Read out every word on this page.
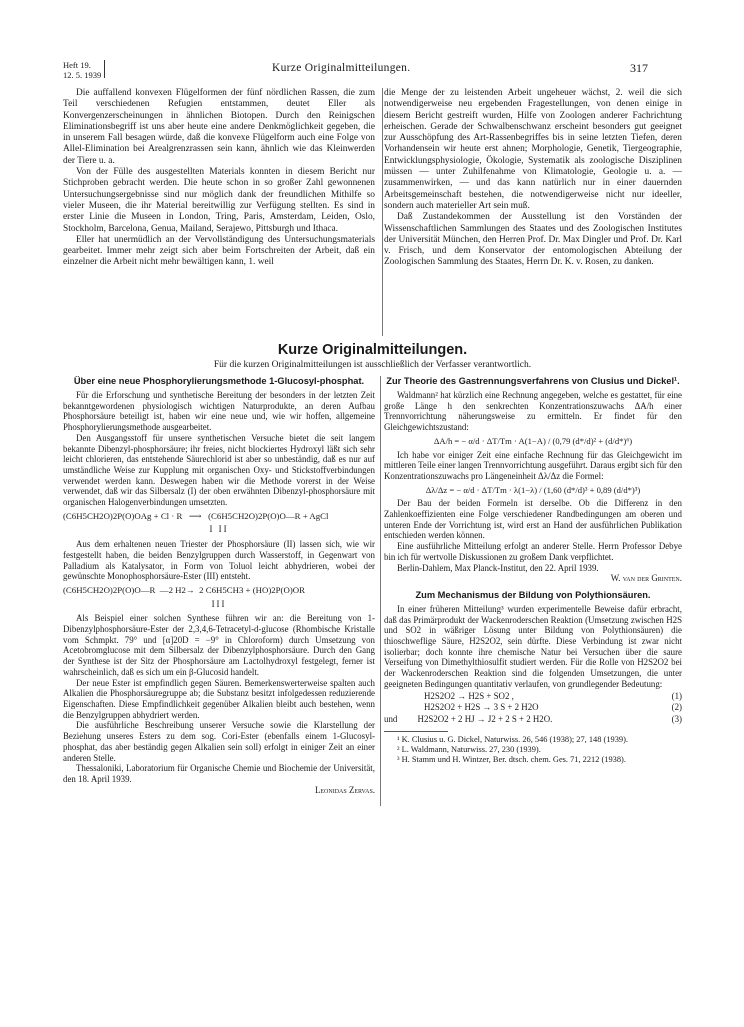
Heft 19.
12. 5. 1939
Kurze Originalmitteilungen.	317

Die auffallend konvexen Flügelformen der fünf nördlichen Rassen, die zum Teil verschiedenen Refugien entstammen, deutet Eller als Konvergenzerscheinungen in ähnlichen Biotopen. Durch den Reinigschen Eliminationsbegriff ist uns aber heute eine andere Denkmöglichkeit gegeben, die in unserem Fall besagen würde, daß die konvexe Flügelform auch eine Folge von Allel-Elimination bei Arealgrenzrassen sein kann, ähnlich wie das Kleinwerden der Tiere u. a.

Von der Fülle des ausgestellten Materials konnten in diesem Bericht nur Stichproben gebracht werden. Die heute schon in so großer Zahl gewonnenen Untersuchungsergebnisse sind nur möglich dank der freundlichen Mithilfe so vieler Museen, die ihr Material bereitwillig zur Verfügung stellten. Es sind in erster Linie die Museen in London, Tring, Paris, Amsterdam, Leiden, Oslo, Stockholm, Barcelona, Genua, Mailand, Serajewo, Pittsburgh und Ithaca.

Eller hat unermüdlich an der Vervollständigung des Untersuchungsmaterials gearbeitet. Immer mehr zeigt sich aber beim Fortschreiten der Arbeit, daß ein einzelner die Arbeit nicht mehr bewältigen kann, 1. weil

die Menge der zu leistenden Arbeit ungeheuer wächst, 2. weil die sich notwendigerweise neu ergebenden Fragestellungen, von denen einige in diesem Bericht gestreift wurden, Hilfe von Zoologen anderer Fachrichtung erheischen. Gerade der Schwalbenschwanz erscheint besonders gut geeignet zur Ausschöpfung des Art-Rassenbegriffes bis in seine letzten Tiefen, deren Vorhandensein wir heute erst ahnen; Morphologie, Genetik, Tiergeographie, Entwicklungsphysiologie, Ökologie, Systematik als zoologische Disziplinen müssen — unter Zuhilfenahme von Klimatologie, Geologie u. a. — zusammenwirken, — und das kann natürlich nur in einer dauernden Arbeitsgemeinschaft bestehen, die notwendigerweise nicht nur ideeller, sondern auch materieller Art sein muß.

Daß Zustandekommen der Ausstellung ist den Vorständen der Wissenschaftlichen Sammlungen des Staates und des Zoologischen Institutes der Universität München, den Herren Prof. Dr. Max Dingler und Prof. Dr. Karl v. Frisch, und dem Konservator der entomologischen Abteilung der Zoologischen Sammlung des Staates, Herrn Dr. K. v. Rosen, zu danken.

Kurze Originalmitteilungen.
Für die kurzen Originalmitteilungen ist ausschließlich der Verfasser verantwortlich.
Über eine neue Phosphorylierungsmethode 1-Glucosyl-phosphat.

Für die Erforschung und synthetische Bereitung der besonders in der letzten Zeit bekanntgewordenen physiologisch wichtigen Naturprodukte, an deren Aufbau Phosphorsäure beteiligt ist, haben wir eine neue und, wie wir hoffen, allgemeine Phosphorylierungsmethode ausgearbeitet.

Den Ausgangsstoff für unsere synthetischen Versuche bietet die seit langem bekannte Dibenzyl-phosphorsäure; ihr freies, nicht blockiertes Hydroxyl läßt sich sehr leicht chlorieren, das entstehende Säurechlorid ist aber so unbeständig, daß es nur auf umständliche Weise zur Kupplung mit organischen Oxy- und Stickstoffverbindungen verwendet werden kann. Deswegen haben wir die Methode vorerst in der Weise verwendet, daß wir das Silbersalz (I) der oben erwähnten Dibenzyl-phosphorsäure mit organischen Halogenverbindungen umsetzten.

(C6H5CH2O)2P(O)OAg + Cl · R   ⟶   (C6H5CH2O)2P(O)O—R + AgCl
I II

Aus dem erhaltenen neuen Triester der Phosphorsäure (II) lassen sich, wie wir festgestellt haben, die beiden Benzylgruppen durch Wasserstoff, in Gegenwart von Palladium als Katalysator, in Form von Toluol leicht abhydrieren, wobei der gewünschte Monophosphorsäure-Ester (III) entsteht.

(C6H5CH2O)2P(O)O—R  —2 H2→  2 C6H5CH3 + (HO)2P(O)OR
III

Als Beispiel einer solchen Synthese führen wir an: die Bereitung von 1-Dibenzylphosphorsäure-Ester der 2,3,4,6-Tetracetyl-d-glucose (Rhombische Kristalle vom Schmpkt. 79° und [α]20D = −9° in Chloroform) durch Umsetzung von Acetobromglucose mit dem Silbersalz der Dibenzylphosphorsäure. Durch den Gang der Synthese ist der Sitz der Phosphorsäure am Lactolhydroxyl festgelegt, ferner ist wahrscheinlich, daß es sich um ein β-Glucosid handelt.

Der neue Ester ist empfindlich gegen Säuren. Bemerkenswerterweise spalten auch Alkalien die Phosphorsäuregruppe ab; die Substanz besitzt infolgedessen reduzierende Eigenschaften. Diese Empfindlichkeit gegenüber Alkalien bleibt auch bestehen, wenn die Benzylgruppen abhydriert werden.

Die ausführliche Beschreibung unserer Versuche sowie die Klarstellung der Beziehung unseres Esters zu dem sog. Cori-Ester (ebenfalls einem 1-Glucosyl-phosphat, das aber beständig gegen Alkalien sein soll) erfolgt in einiger Zeit an einer anderen Stelle.

Thessaloniki, Laboratorium für Organische Chemie und Biochemie der Universität, den 18. April 1939.

Leonidas Zervas.
Zur Theorie des Gastrennungsverfahrens von Clusius und Dickel¹.

Waldmann² hat kürzlich eine Rechnung angegeben, welche es gestattet, für eine große Länge h den senkrechten Konzentrationszuwachs ΔA/h einer Trennvorrichtung näherungsweise zu ermitteln. Er findet für den Gleichgewichtszustand:

ΔA/h = − α/d · ΔT/Tm · A(1−A) / (0,79 (d*/d)² + (d/d*)⁶)

Ich habe vor einiger Zeit eine einfache Rechnung für das Gleichgewicht im mittleren Teile einer langen Trennvorrichtung ausgeführt. Daraus ergibt sich für den Konzentrationszuwachs pro Längeneinheit Δλ/Δz die Formel:

Δλ/Δz = − α/d · ΔT/Tm · λ(1−λ) / (1,60 (d*/d)³ + 0,89 (d/d*)³)

Der Bau der beiden Formeln ist derselbe. Ob die Differenz in den Zahlenkoeffizienten eine Folge verschiedener Randbedingungen am oberen und unteren Ende der Vorrichtung ist, wird erst an Hand der ausführlichen Publikation entschieden werden können.

Eine ausführliche Mitteilung erfolgt an anderer Stelle. Herrn Professor Debye bin ich für wertvolle Diskussionen zu großem Dank verpflichtet.

Berlin-Dahlem, Max Planck-Institut, den 22. April 1939.

W. van der Grinten.
Zum Mechanismus der Bildung von Polythionsäuren.

In einer früheren Mitteilung³ wurden experimentelle Beweise dafür erbracht, daß das Primärprodukt der Wackenroderschen Reaktion (Umsetzung zwischen H2S und SO2 in wäßriger Lösung unter Bildung von Polythionsäuren) die thioschweflige Säure, H2S2O2, sein dürfte. Diese Verbindung ist zwar nicht isolierbar; doch konnte ihre chemische Natur bei Versuchen über die saure Verseifung von Dimethylthiosulfit studiert werden. Für die Rolle von H2S2O2 bei der Wackenroderschen Reaktion sind die folgenden Umsetzungen, die unter geeigneten Bedingungen quantitativ verlaufen, von grundlegender Bedeutung:

H2S2O2 → H2S + SO2 ,	(1)
H2S2O2 + H2S → 3 S + 2 H2O	(2)
und H2S2O2 + 2 HJ → J2 + 2 S + 2 H2O.	(3)

¹ K. Clusius u. G. Dickel, Naturwiss. 26, 546 (1938); 27, 148 (1939).

² L. Waldmann, Naturwiss. 27, 230 (1939).

³ H. Stamm und H. Wintzer, Ber. dtsch. chem. Ges. 71, 2212 (1938).
